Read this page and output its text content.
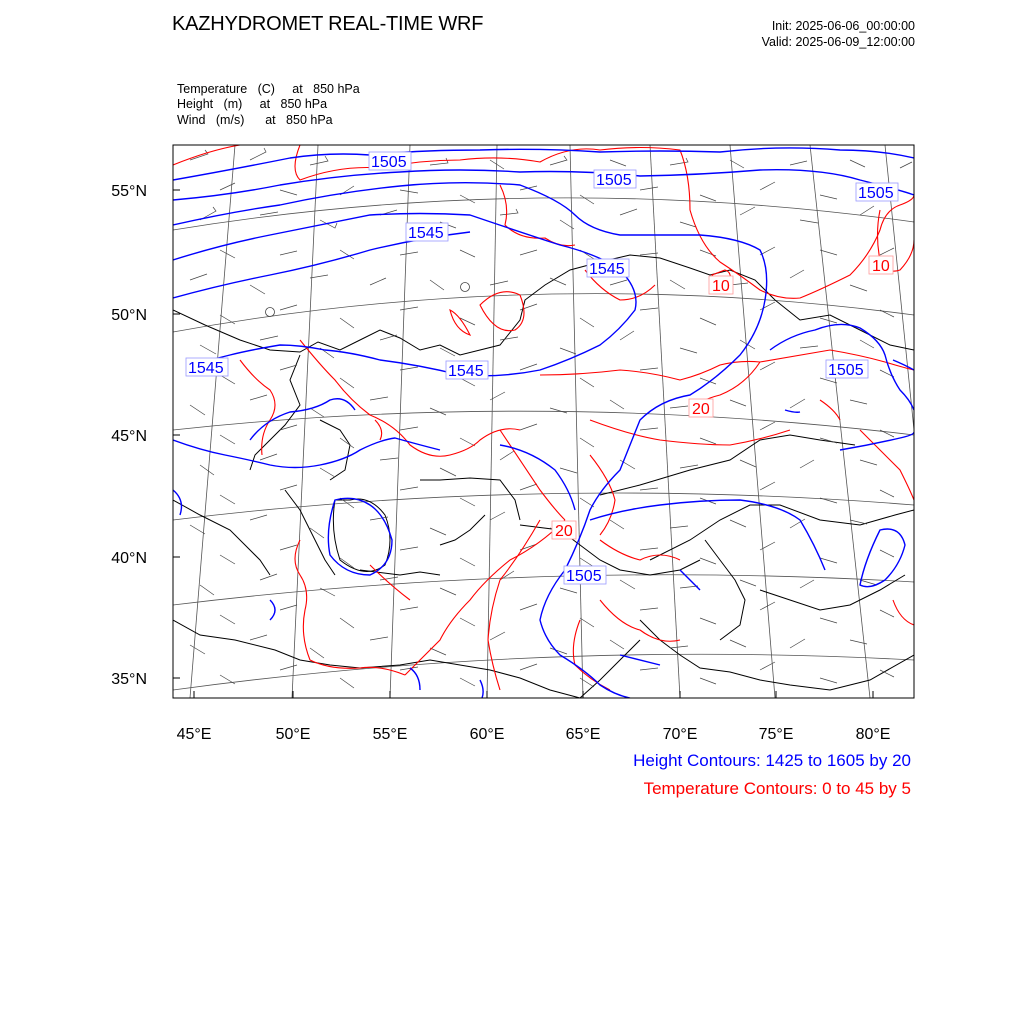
KAZHYDROMET REAL-TIME WRF	Init: 2025-06-06_00:00:00
Valid: 2025-06-09_12:00:00
Temperature   (C)     at   850 hPa
Height   (m)     at   850 hPa
Wind   (m/s)      at   850 hPa
55°N
50°N
45°N
40°N
35°N
45°E	50°E	55°E	60°E	65°E	70°E	75°E	80°E
1505
1505
1505
1545
1545
1545	1545	1505
1505
10
10
20
20
Height Contours: 1425 to 1605 by 20
Temperature Contours: 0 to 45 by 5
